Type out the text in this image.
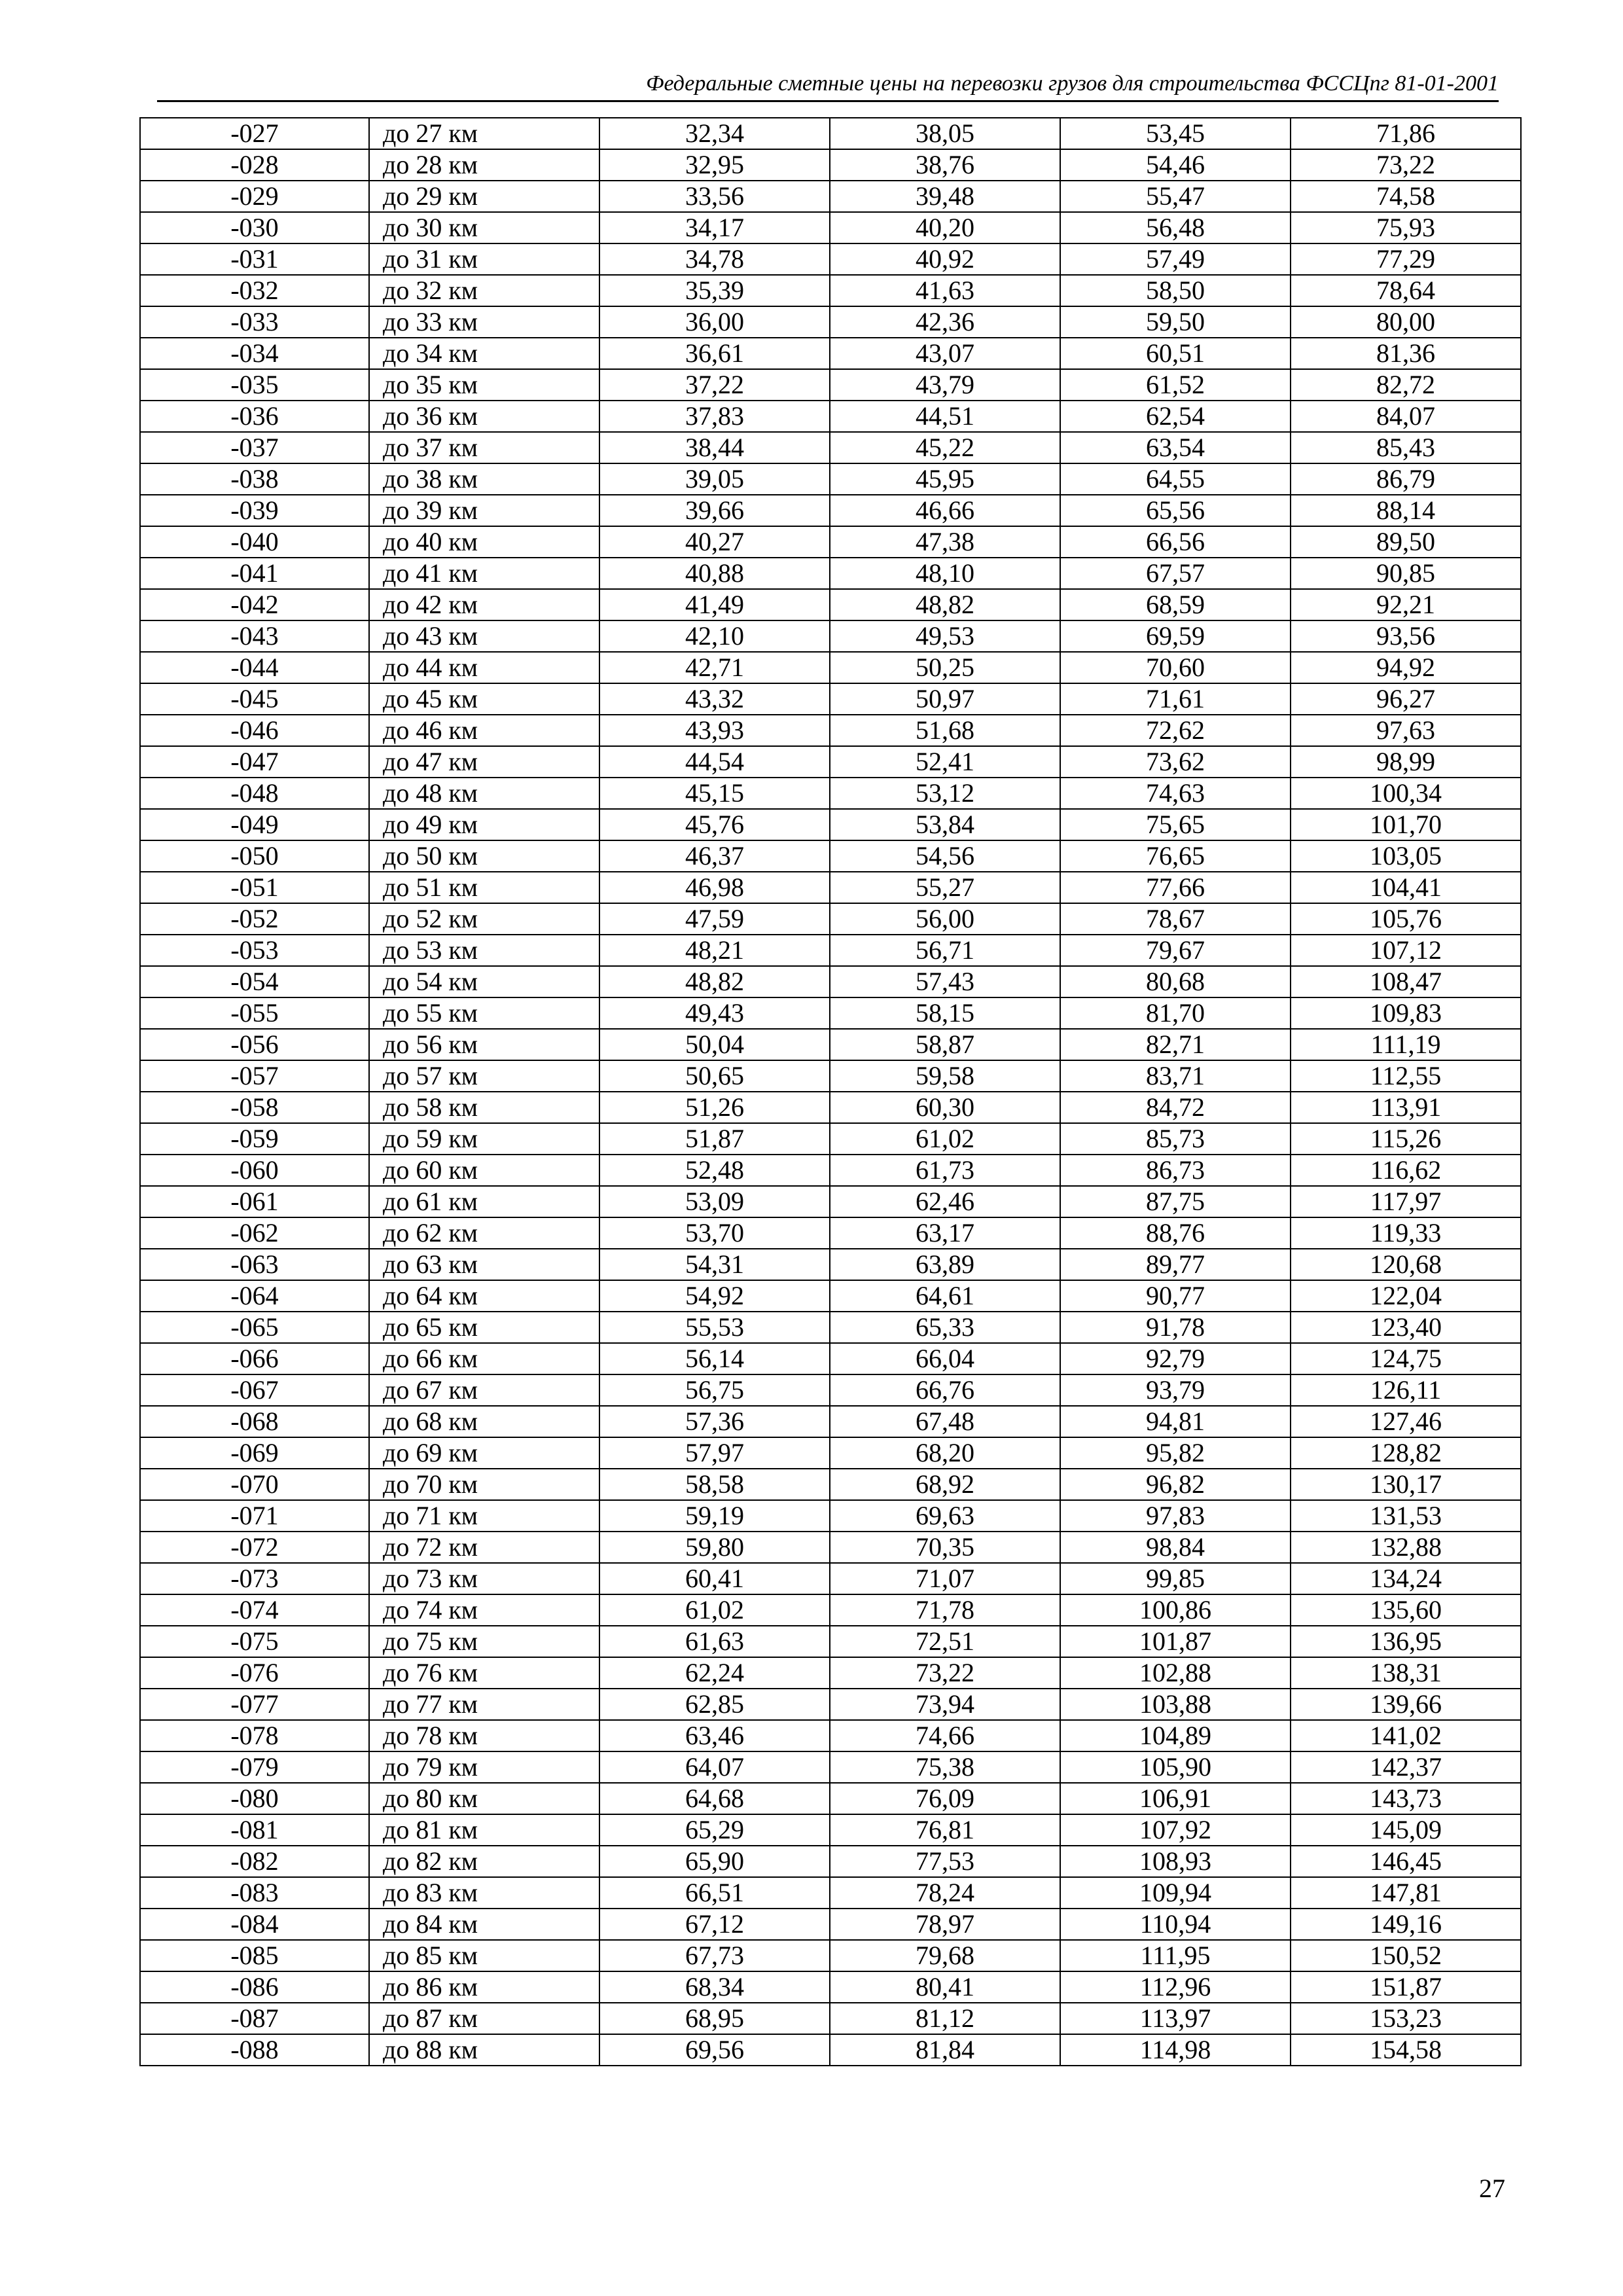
Федеральные сметные цены на перевозки грузов для строительства ФССЦпг 81-01-2001
-027	до 27 км	32,34	38,05	53,45	71,86
-028	до 28 км	32,95	38,76	54,46	73,22
-029	до 29 км	33,56	39,48	55,47	74,58
-030	до 30 км	34,17	40,20	56,48	75,93
-031	до 31 км	34,78	40,92	57,49	77,29
-032	до 32 км	35,39	41,63	58,50	78,64
-033	до 33 км	36,00	42,36	59,50	80,00
-034	до 34 км	36,61	43,07	60,51	81,36
-035	до 35 км	37,22	43,79	61,52	82,72
-036	до 36 км	37,83	44,51	62,54	84,07
-037	до 37 км	38,44	45,22	63,54	85,43
-038	до 38 км	39,05	45,95	64,55	86,79
-039	до 39 км	39,66	46,66	65,56	88,14
-040	до 40 км	40,27	47,38	66,56	89,50
-041	до 41 км	40,88	48,10	67,57	90,85
-042	до 42 км	41,49	48,82	68,59	92,21
-043	до 43 км	42,10	49,53	69,59	93,56
-044	до 44 км	42,71	50,25	70,60	94,92
-045	до 45 км	43,32	50,97	71,61	96,27
-046	до 46 км	43,93	51,68	72,62	97,63
-047	до 47 км	44,54	52,41	73,62	98,99
-048	до 48 км	45,15	53,12	74,63	100,34
-049	до 49 км	45,76	53,84	75,65	101,70
-050	до 50 км	46,37	54,56	76,65	103,05
-051	до 51 км	46,98	55,27	77,66	104,41
-052	до 52 км	47,59	56,00	78,67	105,76
-053	до 53 км	48,21	56,71	79,67	107,12
-054	до 54 км	48,82	57,43	80,68	108,47
-055	до 55 км	49,43	58,15	81,70	109,83
-056	до 56 км	50,04	58,87	82,71	111,19
-057	до 57 км	50,65	59,58	83,71	112,55
-058	до 58 км	51,26	60,30	84,72	113,91
-059	до 59 км	51,87	61,02	85,73	115,26
-060	до 60 км	52,48	61,73	86,73	116,62
-061	до 61 км	53,09	62,46	87,75	117,97
-062	до 62 км	53,70	63,17	88,76	119,33
-063	до 63 км	54,31	63,89	89,77	120,68
-064	до 64 км	54,92	64,61	90,77	122,04
-065	до 65 км	55,53	65,33	91,78	123,40
-066	до 66 км	56,14	66,04	92,79	124,75
-067	до 67 км	56,75	66,76	93,79	126,11
-068	до 68 км	57,36	67,48	94,81	127,46
-069	до 69 км	57,97	68,20	95,82	128,82
-070	до 70 км	58,58	68,92	96,82	130,17
-071	до 71 км	59,19	69,63	97,83	131,53
-072	до 72 км	59,80	70,35	98,84	132,88
-073	до 73 км	60,41	71,07	99,85	134,24
-074	до 74 км	61,02	71,78	100,86	135,60
-075	до 75 км	61,63	72,51	101,87	136,95
-076	до 76 км	62,24	73,22	102,88	138,31
-077	до 77 км	62,85	73,94	103,88	139,66
-078	до 78 км	63,46	74,66	104,89	141,02
-079	до 79 км	64,07	75,38	105,90	142,37
-080	до 80 км	64,68	76,09	106,91	143,73
-081	до 81 км	65,29	76,81	107,92	145,09
-082	до 82 км	65,90	77,53	108,93	146,45
-083	до 83 км	66,51	78,24	109,94	147,81
-084	до 84 км	67,12	78,97	110,94	149,16
-085	до 85 км	67,73	79,68	111,95	150,52
-086	до 86 км	68,34	80,41	112,96	151,87
-087	до 87 км	68,95	81,12	113,97	153,23
-088	до 88 км	69,56	81,84	114,98	154,58
27
